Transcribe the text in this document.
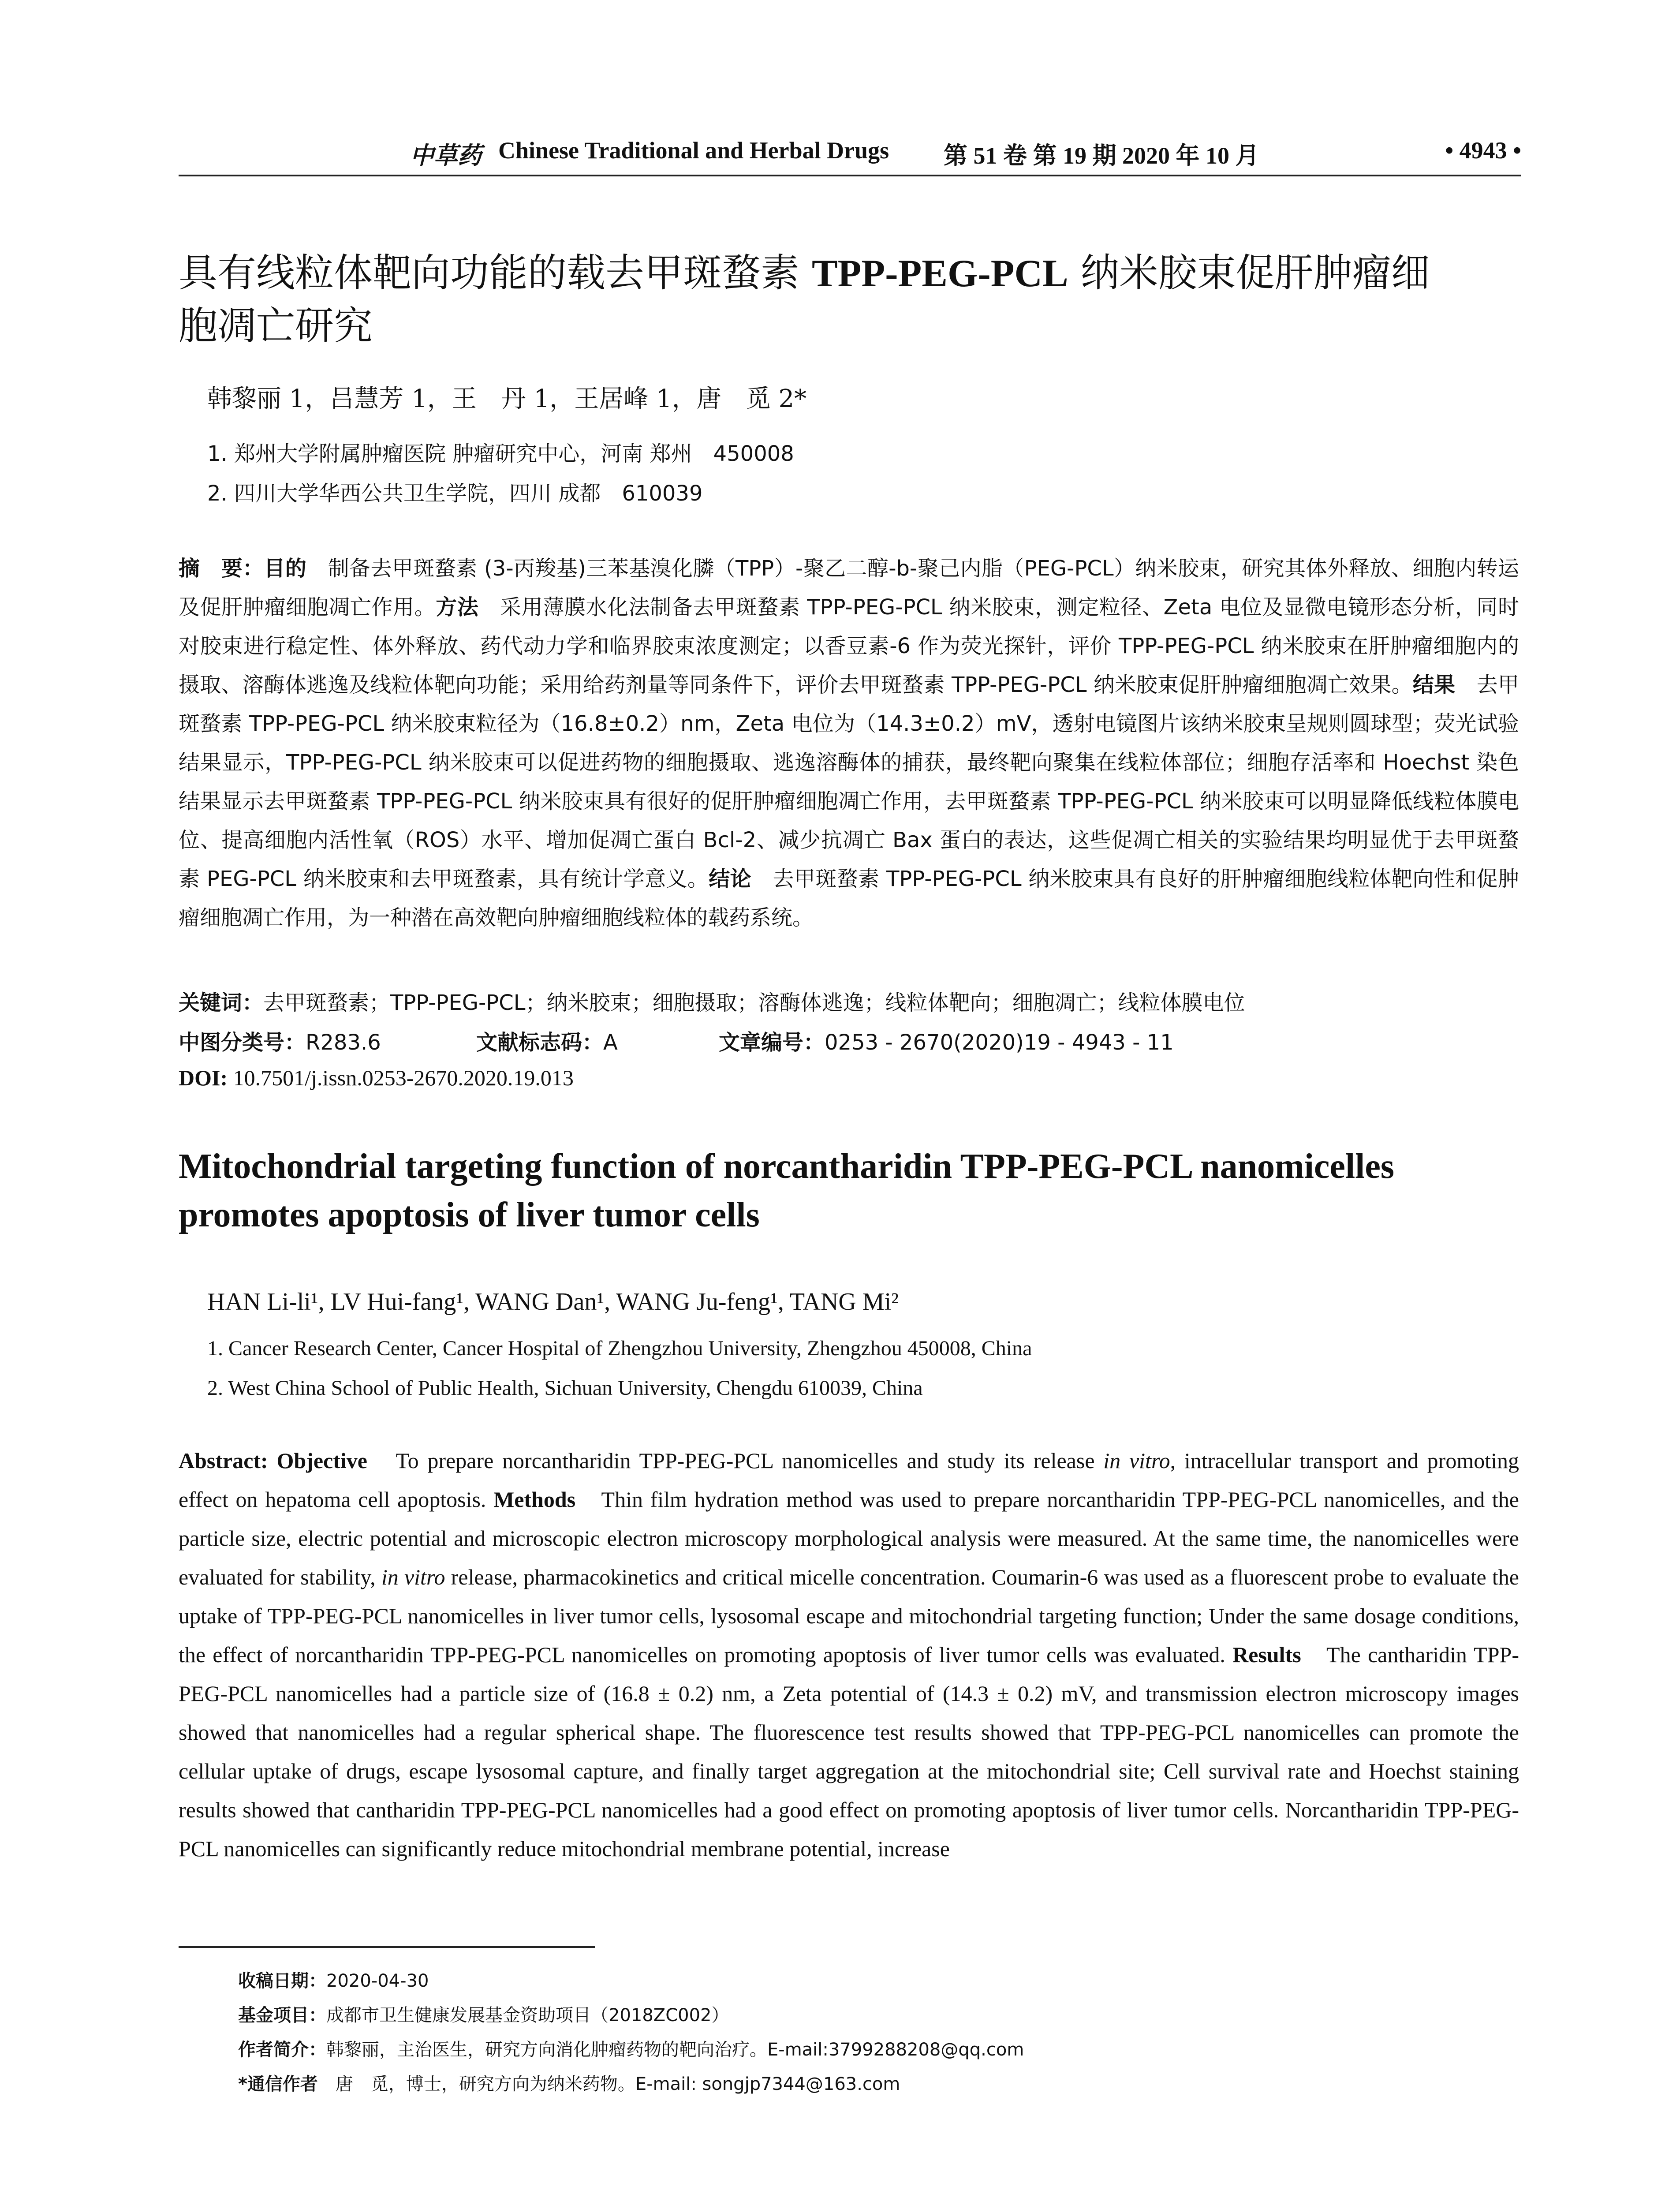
中草药 Chinese Traditional and Herbal Drugs 第 51 卷 第 19 期 2020 年 10 月	• 4943 •
具有线粒体靶向功能的载去甲斑蝥素 TPP-PEG-PCL 纳米胶束促肝肿瘤细
胞凋亡研究
韩黎丽 1，吕慧芳 1，王　丹 1，王居峰 1，唐　觅 2*
1. 郑州大学附属肿瘤医院 肿瘤研究中心，河南 郑州　450008
2. 四川大学华西公共卫生学院，四川 成都　610039
摘　要：目的　制备去甲斑蝥素 (3-丙羧基)三苯基溴化膦（TPP）-聚乙二醇-b-聚己内脂（PEG-PCL）纳米胶束，研究其体外释放、细胞内转运及促肝肿瘤细胞凋亡作用。方法　采用薄膜水化法制备去甲斑蝥素 TPP-PEG-PCL 纳米胶束，测定粒径、Zeta 电位及显微电镜形态分析，同时对胶束进行稳定性、体外释放、药代动力学和临界胶束浓度测定；以香豆素-6 作为荧光探针，评价 TPP-PEG-PCL 纳米胶束在肝肿瘤细胞内的摄取、溶酶体逃逸及线粒体靶向功能；采用给药剂量等同条件下，评价去甲斑蝥素 TPP-PEG-PCL 纳米胶束促肝肿瘤细胞凋亡效果。结果　去甲斑蝥素 TPP-PEG-PCL 纳米胶束粒径为（16.8±0.2）nm，Zeta 电位为（14.3±0.2）mV，透射电镜图片该纳米胶束呈规则圆球型；荧光试验结果显示，TPP-PEG-PCL 纳米胶束可以促进药物的细胞摄取、逃逸溶酶体的捕获，最终靶向聚集在线粒体部位；细胞存活率和 Hoechst 染色结果显示去甲斑蝥素 TPP-PEG-PCL 纳米胶束具有很好的促肝肿瘤细胞凋亡作用，去甲斑蝥素 TPP-PEG-PCL 纳米胶束可以明显降低线粒体膜电位、提高细胞内活性氧（ROS）水平、增加促凋亡蛋白 Bcl-2、减少抗凋亡 Bax 蛋白的表达，这些促凋亡相关的实验结果均明显优于去甲斑蝥素 PEG-PCL 纳米胶束和去甲斑蝥素，具有统计学意义。结论　去甲斑蝥素 TPP-PEG-PCL 纳米胶束具有良好的肝肿瘤细胞线粒体靶向性和促肿瘤细胞凋亡作用，为一种潜在高效靶向肿瘤细胞线粒体的载药系统。
关键词：去甲斑蝥素；TPP-PEG-PCL；纳米胶束；细胞摄取；溶酶体逃逸；线粒体靶向；细胞凋亡；线粒体膜电位
中图分类号：R283.6	文献标志码：A	文章编号：0253 - 2670(2020)19 - 4943 - 11
DOI: 10.7501/j.issn.0253-2670.2020.19.013
Mitochondrial targeting function of norcantharidin TPP-PEG-PCL nanomicelles
promotes apoptosis of liver tumor cells
HAN Li-li¹, LV Hui-fang¹, WANG Dan¹, WANG Ju-feng¹, TANG Mi²
1. Cancer Research Center, Cancer Hospital of Zhengzhou University, Zhengzhou 450008, China
2. West China School of Public Health, Sichuan University, Chengdu 610039, China
Abstract: Objective　To prepare norcantharidin TPP-PEG-PCL nanomicelles and study its release in vitro, intracellular transport and promoting effect on hepatoma cell apoptosis. Methods　Thin film hydration method was used to prepare norcantharidin TPP-PEG-PCL nanomicelles, and the particle size, electric potential and microscopic electron microscopy morphological analysis were measured. At the same time, the nanomicelles were evaluated for stability, in vitro release, pharmacokinetics and critical micelle concentration. Coumarin-6 was used as a fluorescent probe to evaluate the uptake of TPP-PEG-PCL nanomicelles in liver tumor cells, lysosomal escape and mitochondrial targeting function; Under the same dosage conditions, the effect of norcantharidin TPP-PEG-PCL nanomicelles on promoting apoptosis of liver tumor cells was evaluated. Results　The cantharidin TPP-PEG-PCL nanomicelles had a particle size of (16.8 ± 0.2) nm, a Zeta potential of (14.3 ± 0.2) mV, and transmission electron microscopy images showed that nanomicelles had a regular spherical shape. The fluorescence test results showed that TPP-PEG-PCL nanomicelles can promote the cellular uptake of drugs, escape lysosomal capture, and finally target aggregation at the mitochondrial site; Cell survival rate and Hoechst staining results showed that cantharidin TPP-PEG-PCL nanomicelles had a good effect on promoting apoptosis of liver tumor cells. Norcantharidin TPP-PEG-PCL nanomicelles can significantly reduce mitochondrial membrane potential, increase
收稿日期：2020-04-30
基金项目：成都市卫生健康发展基金资助项目（2018ZC002）
作者简介：韩黎丽，主治医生，研究方向消化肿瘤药物的靶向治疗。E-mail:3799288208@qq.com
*通信作者　唐　觅，博士，研究方向为纳米药物。E-mail: songjp7344@163.com
